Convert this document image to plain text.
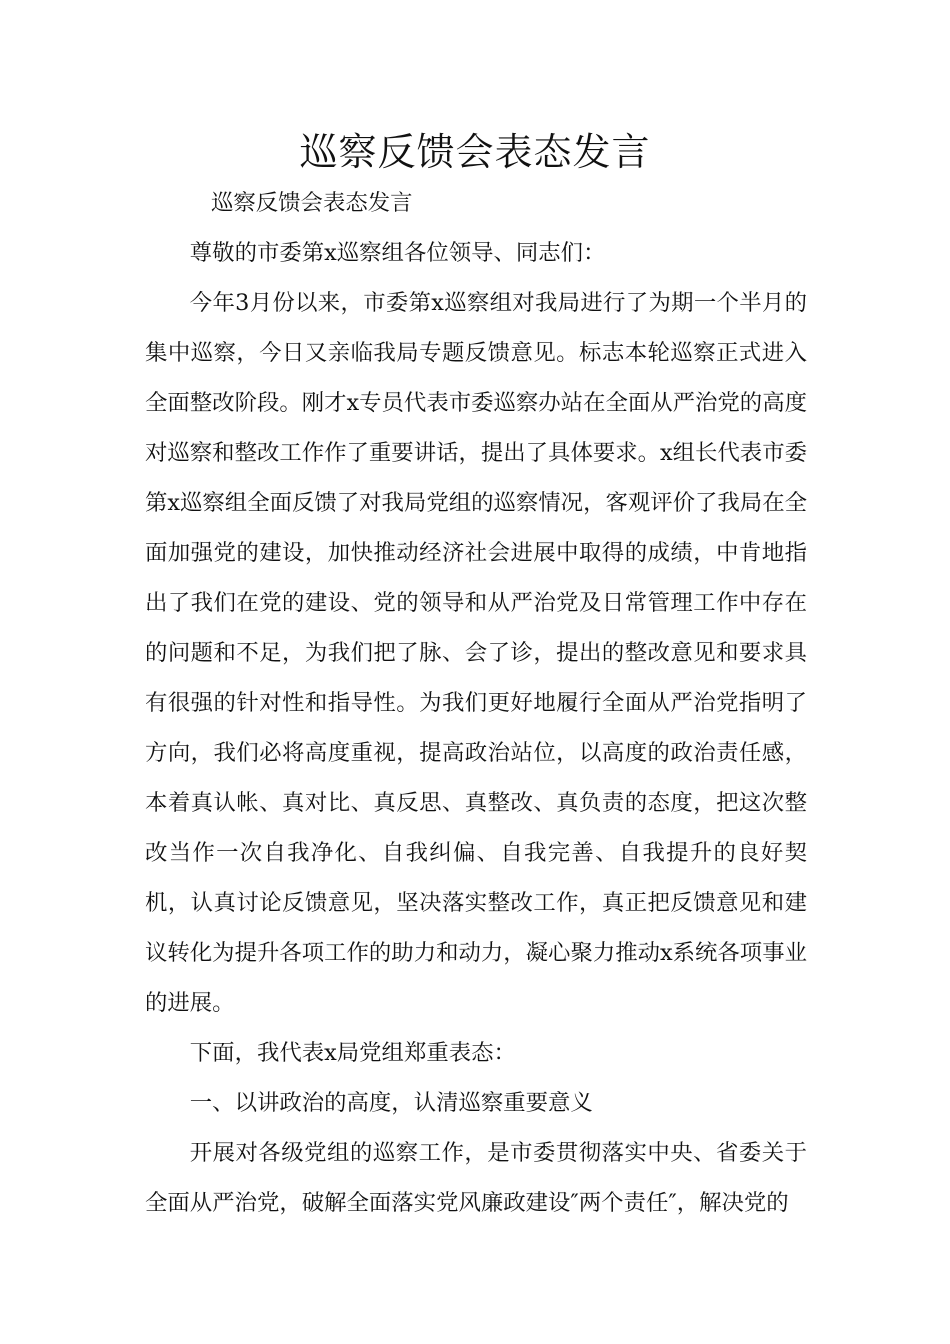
巡察反馈会表态发言

巡察反馈会表态发言

尊敬的市委第x巡察组各位领导、同志们：

今年3月份以来，市委第x巡察组对我局进行了为期一个半月的集中巡察，今日又亲临我局专题反馈意见。标志本轮巡察正式进入全面整改阶段。刚才x专员代表市委巡察办站在全面从严治党的高度对巡察和整改工作作了重要讲话，提出了具体要求。x组长代表市委第x巡察组全面反馈了对我局党组的巡察情况，客观评价了我局在全面加强党的建设，加快推动经济社会进展中取得的成绩，中肯地指出了我们在党的建设、党的领导和从严治党及日常管理工作中存在的问题和不足，为我们把了脉、会了诊，提出的整改意见和要求具有很强的针对性和指导性。为我们更好地履行全面从严治党指明了方向，我们必将高度重视，提高政治站位，以高度的政治责任感，本着真认帐、真对比、真反思、真整改、真负责的态度，把这次整改当作一次自我净化、自我纠偏、自我完善、自我提升的良好契机，认真讨论反馈意见，坚决落实整改工作，真正把反馈意见和建议转化为提升各项工作的助力和动力，凝心聚力推动x系统各项事业的进展。

下面，我代表x局党组郑重表态：

一、以讲政治的高度，认清巡察重要意义

开展对各级党组的巡察工作，是市委贯彻落实中央、省委关于全面从严治党，破解全面落实党风廉政建设″两个责任″，解决党的
